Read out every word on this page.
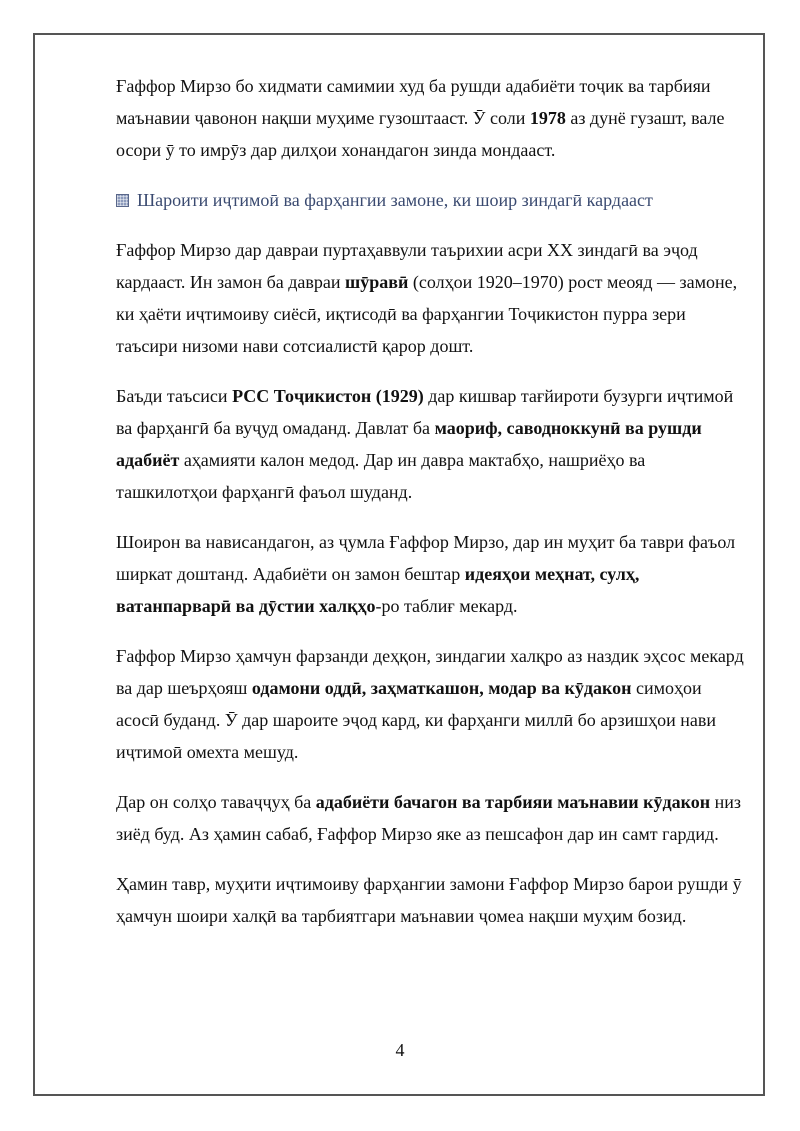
Ғаффор Мирзо бо хидмати самимии худ ба рушди адабиёти тоҷик ва тарбияи маънавии ҷавонон нақши муҳиме гузоштааст. Ӯ соли 1978 аз дунё гузашт, вале осори ӯ то имрӯз дар дилҳои хонандагон зинда мондааст.

Шароити иҷтимоӣ ва фарҳангии замоне, ки шоир зиндагӣ кардааст

Ғаффор Мирзо дар давраи пуртаҳаввули таърихии асри XX зиндагӣ ва эҷод кардааст. Ин замон ба давраи шӯравӣ (солҳои 1920–1970) рост меояд — замоне, ки ҳаёти иҷтимоиву сиёсӣ, иқтисодӣ ва фарҳангии Тоҷикистон пурра зери таъсири низоми нави сотсиалистӣ қарор дошт.

Баъди таъсиси РСС Тоҷикистон (1929) дар кишвар тағйироти бузурги иҷтимоӣ ва фарҳангӣ ба вуҷуд омаданд. Давлат ба маориф, саводноккунӣ ва рушди адабиёт аҳамияти калон медод. Дар ин давра мактабҳо, нашриёҳо ва ташкилотҳои фарҳангӣ фаъол шуданд.

Шоирон ва нависандагон, аз ҷумла Ғаффор Мирзо, дар ин муҳит ба таври фаъол ширкат доштанд. Адабиёти он замон бештар идеяҳои меҳнат, сулҳ, ватанпарварӣ ва дӯстии халқҳо-ро таблиғ мекард.

Ғаффор Мирзо ҳамчун фарзанди деҳқон, зиндагии халқро аз наздик эҳсос мекард ва дар шеърҳояш одамони оддӣ, заҳматкашон, модар ва кӯдакон симоҳои асосӣ буданд. Ӯ дар шароите эҷод кард, ки фарҳанги миллӣ бо арзишҳои нави иҷтимоӣ омехта мешуд.

Дар он солҳо таваҷҷуҳ ба адабиёти бачагон ва тарбияи маънавии кӯдакон низ зиёд буд. Аз ҳамин сабаб, Ғаффор Мирзо яке аз пешсафон дар ин самт гардид.

Ҳамин тавр, муҳити иҷтимоиву фарҳангии замони Ғаффор Мирзо барои рушди ӯ ҳамчун шоири халқӣ ва тарбиятгари маънавии ҷомеа нақши муҳим бозид.

4
